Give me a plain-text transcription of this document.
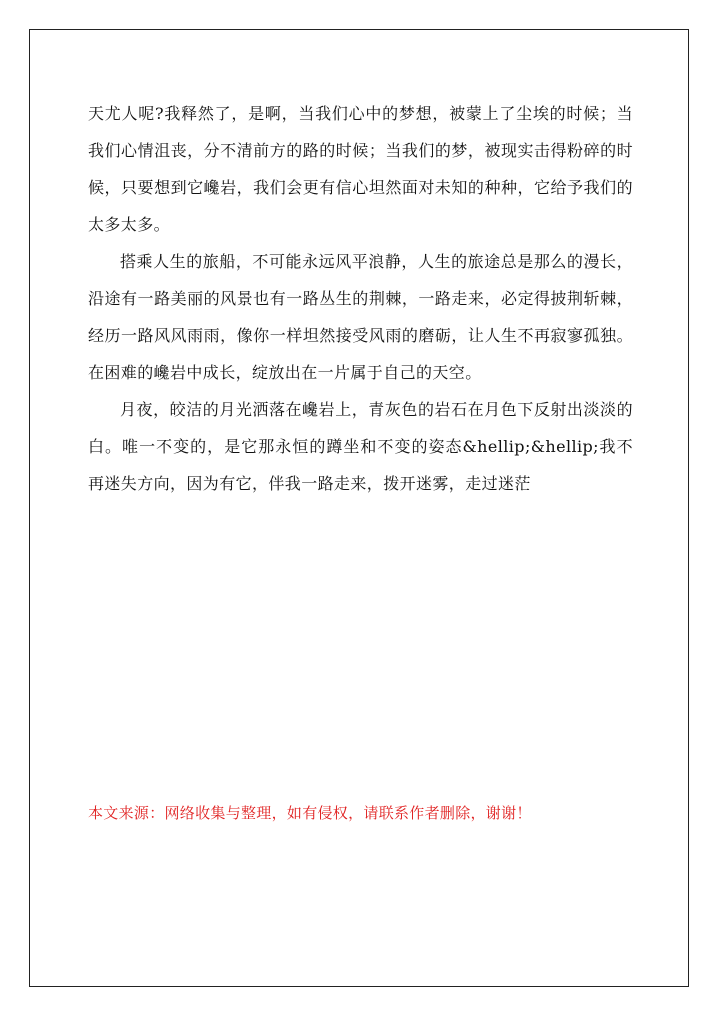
天尤人呢?我释然了，是啊，当我们心中的梦想，被蒙上了尘埃的时候；当我们心情沮丧，分不清前方的路的时候；当我们的梦，被现实击得粉碎的时候，只要想到它巉岩，我们会更有信心坦然面对未知的种种，它给予我们的太多太多。

搭乘人生的旅船，不可能永远风平浪静，人生的旅途总是那么的漫长，沿途有一路美丽的风景也有一路丛生的荆棘，一路走来，必定得披荆斩棘，经历一路风风雨雨，像你一样坦然接受风雨的磨砺，让人生不再寂寥孤独。在困难的巉岩中成长，绽放出在一片属于自己的天空。

月夜，皎洁的月光洒落在巉岩上，青灰色的岩石在月色下反射出淡淡的白。唯一不变的，是它那永恒的蹲坐和不变的姿态&hellip;&hellip;我不再迷失方向，因为有它，伴我一路走来，拨开迷雾，走过迷茫

本文来源：网络收集与整理，如有侵权，请联系作者删除，谢谢！
